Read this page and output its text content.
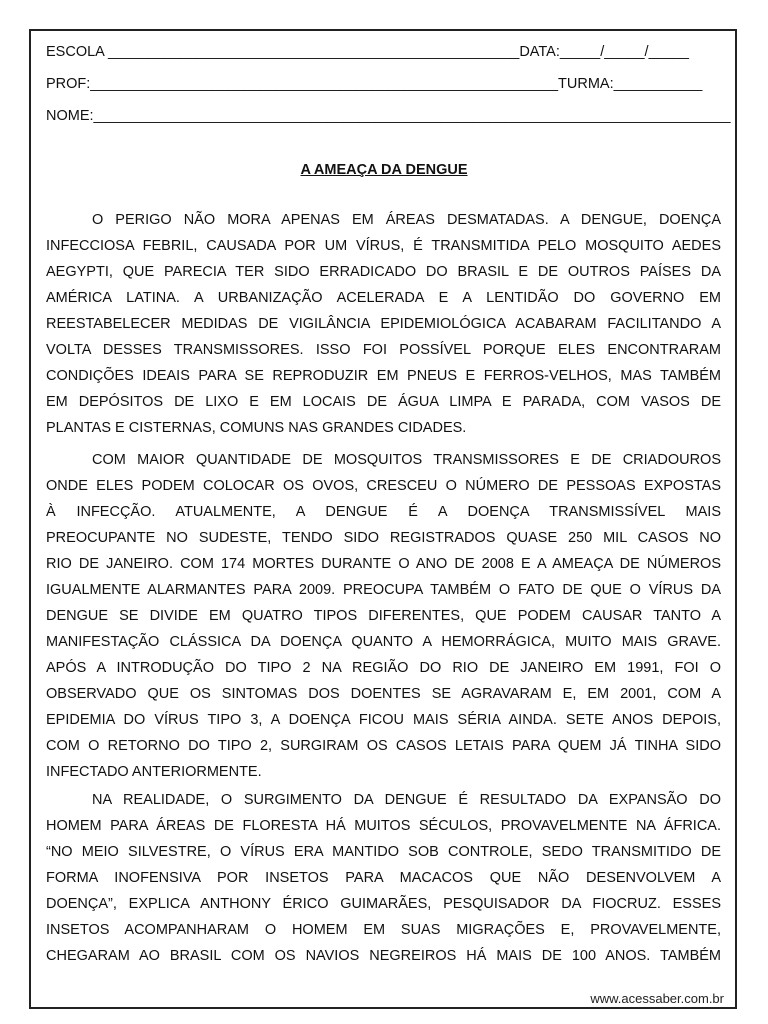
ESCOLA ___________________________________________________DATA:_____/_____/_____
PROF:__________________________________________________________TURMA:___________
NOME:_______________________________________________________________________________
A AMEAÇA DA DENGUE
O PERIGO NÃO MORA APENAS EM ÁREAS DESMATADAS. A DENGUE, DOENÇA
INFECCIOSA FEBRIL, CAUSADA POR UM VÍRUS, É TRANSMITIDA PELO MOSQUITO AEDES
AEGYPTI, QUE PARECIA TER SIDO ERRADICADO DO BRASIL E DE OUTROS PAÍSES DA
AMÉRICA LATINA. A URBANIZAÇÃO ACELERADA E A LENTIDÃO DO GOVERNO EM
REESTABELECER MEDIDAS DE VIGILÂNCIA EPIDEMIOLÓGICA ACABARAM FACILITANDO A
VOLTA DESSES TRANSMISSORES. ISSO FOI POSSÍVEL PORQUE ELES ENCONTRARAM
CONDIÇÕES IDEAIS PARA SE REPRODUZIR EM PNEUS E FERROS-VELHOS, MAS TAMBÉM
EM DEPÓSITOS DE LIXO E EM LOCAIS DE ÁGUA LIMPA E PARADA, COM VASOS DE
PLANTAS E CISTERNAS, COMUNS NAS GRANDES CIDADES.
COM MAIOR QUANTIDADE DE MOSQUITOS TRANSMISSORES E DE CRIADOUROS
ONDE ELES PODEM COLOCAR OS OVOS, CRESCEU O NÚMERO DE PESSOAS EXPOSTAS
À INFECÇÃO. ATUALMENTE, A DENGUE É A DOENÇA TRANSMISSÍVEL MAIS
PREOCUPANTE NO SUDESTE, TENDO SIDO REGISTRADOS QUASE 250 MIL CASOS NO
RIO DE JANEIRO. COM 174 MORTES DURANTE O ANO DE 2008 E A AMEAÇA DE NÚMEROS
IGUALMENTE ALARMANTES PARA 2009. PREOCUPA TAMBÉM O FATO DE QUE O VÍRUS DA
DENGUE SE DIVIDE EM QUATRO TIPOS DIFERENTES, QUE PODEM CAUSAR TANTO A
MANIFESTAÇÃO CLÁSSICA DA DOENÇA QUANTO A HEMORRÁGICA, MUITO MAIS GRAVE.
APÓS A INTRODUÇÃO DO TIPO 2 NA REGIÃO DO RIO DE JANEIRO EM 1991, FOI O
OBSERVADO QUE OS SINTOMAS DOS DOENTES SE AGRAVARAM E, EM 2001, COM A
EPIDEMIA DO VÍRUS TIPO 3, A DOENÇA FICOU MAIS SÉRIA AINDA. SETE ANOS DEPOIS,
COM O RETORNO DO TIPO 2, SURGIRAM OS CASOS LETAIS PARA QUEM JÁ TINHA SIDO
INFECTADO ANTERIORMENTE.
NA REALIDADE, O SURGIMENTO DA DENGUE É RESULTADO DA EXPANSÃO DO
HOMEM PARA ÁREAS DE FLORESTA HÁ MUITOS SÉCULOS, PROVAVELMENTE NA ÁFRICA.
“NO MEIO SILVESTRE, O VÍRUS ERA MANTIDO SOB CONTROLE, SEDO TRANSMITIDO DE
FORMA INOFENSIVA POR INSETOS PARA MACACOS QUE NÃO DESENVOLVEM A
DOENÇA”, EXPLICA ANTHONY ÉRICO GUIMARÃES, PESQUISADOR DA FIOCRUZ. ESSES
INSETOS ACOMPANHARAM O HOMEM EM SUAS MIGRAÇÕES E, PROVAVELMENTE,
CHEGARAM AO BRASIL COM OS NAVIOS NEGREIROS HÁ MAIS DE 100 ANOS. TAMBÉM
www.acessaber.com.br
